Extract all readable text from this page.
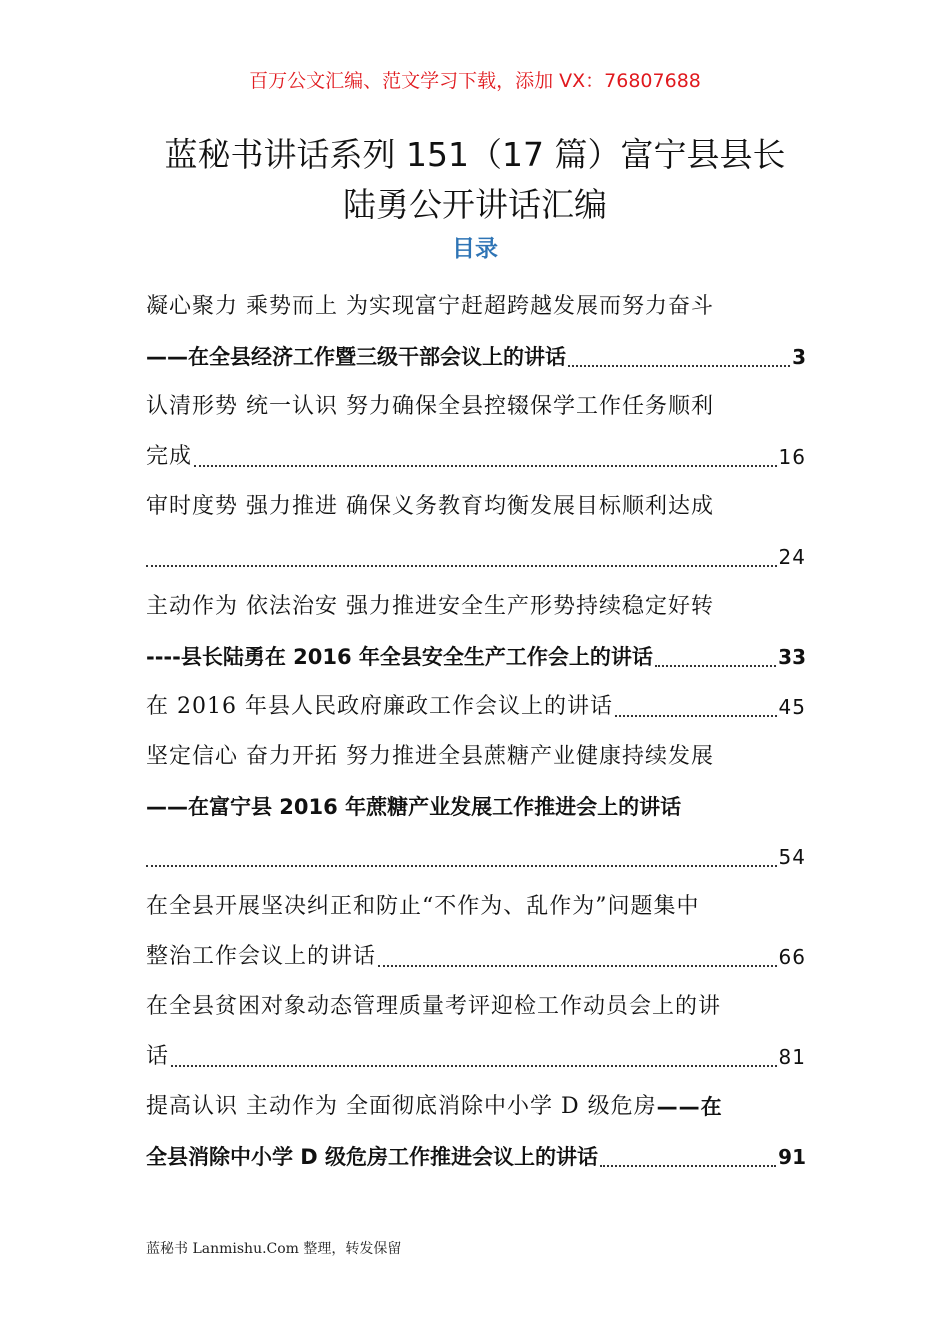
百万公文汇编、范文学习下载，添加 VX：76807688
蓝秘书讲话系列 151（17 篇）富宁县县长
陆勇公开讲话汇编
目录
凝心聚力 乘势而上 为实现富宁赶超跨越发展而努力奋斗
——在全县经济工作暨三级干部会议上的讲话	3
认清形势 统一认识 努力确保全县控辍保学工作任务顺利
完成	16
审时度势 强力推进 确保义务教育均衡发展目标顺利达成
24
主动作为 依法治安 强力推进安全生产形势持续稳定好转
----县长陆勇在 2016 年全县安全生产工作会上的讲话	33
在 2016 年县人民政府廉政工作会议上的讲话	45
坚定信心 奋力开拓 努力推进全县蔗糖产业健康持续发展
——在富宁县 2016 年蔗糖产业发展工作推进会上的讲话
54
在全县开展坚决纠正和防止“不作为、乱作为”问题集中
整治工作会议上的讲话	66
在全县贫困对象动态管理质量考评迎检工作动员会上的讲
话	81
提高认识 主动作为 全面彻底消除中小学 D 级危房 ——在
全县消除中小学 D 级危房工作推进会议上的讲话	91
蓝秘书 Lanmishu.Com 整理，转发保留
